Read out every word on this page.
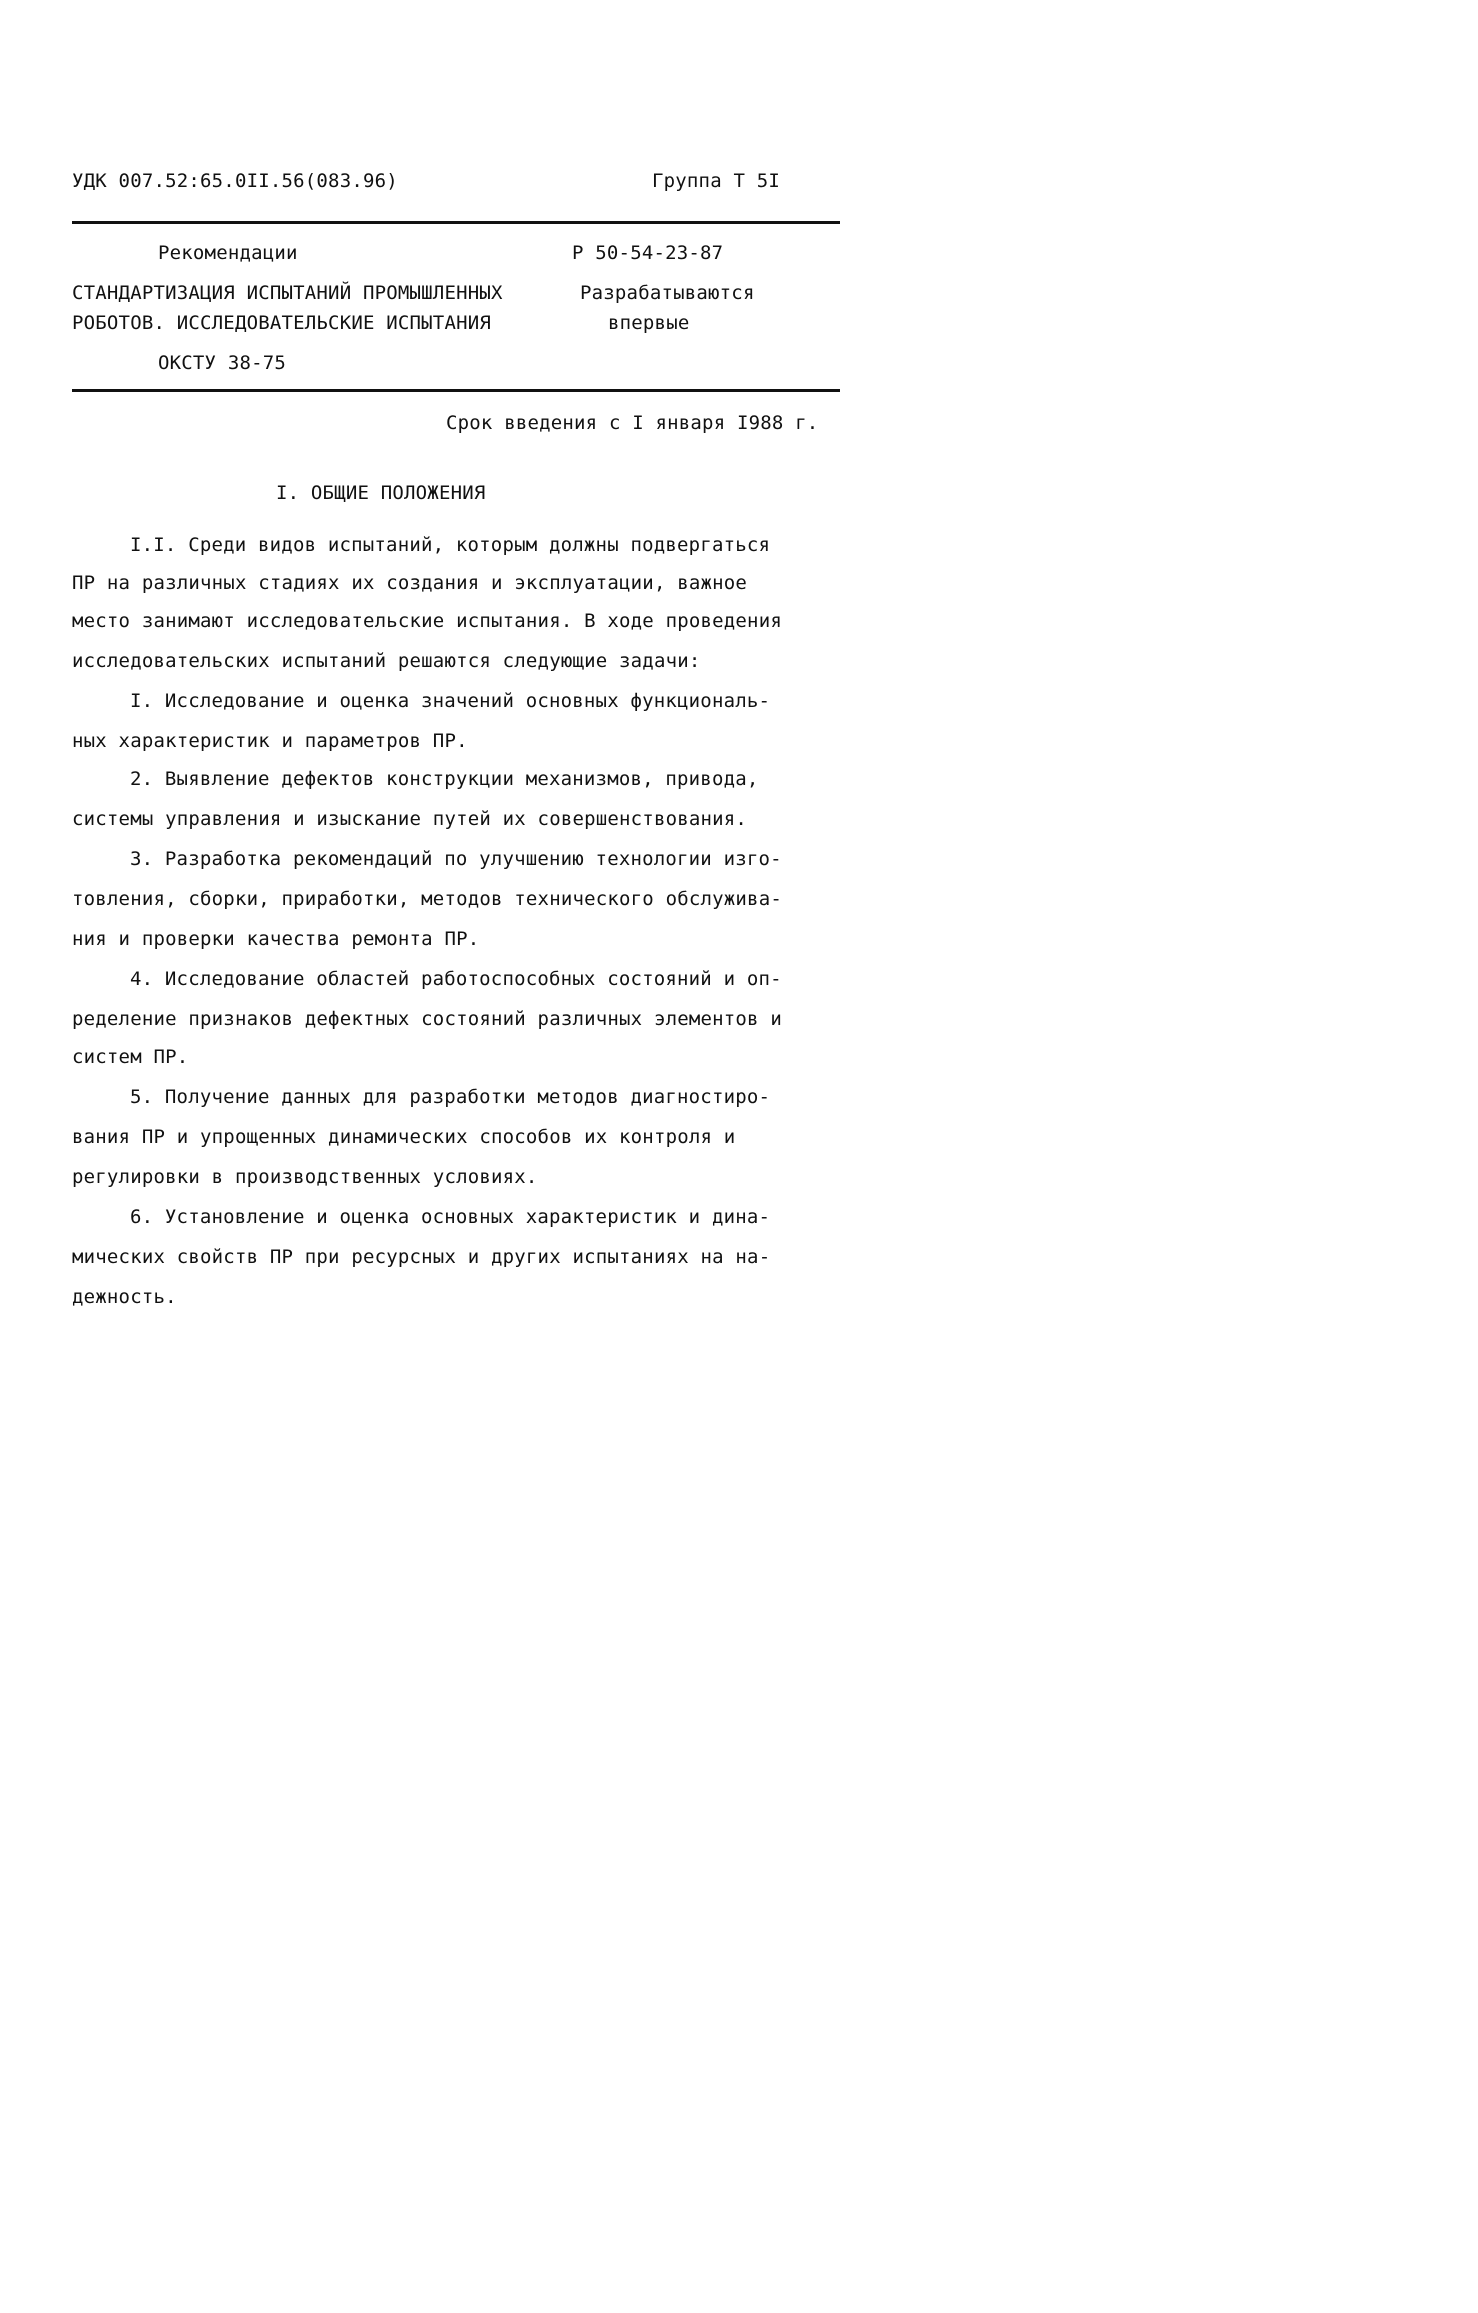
УДК 007.52:65.0II.56(083.96)	Группа Т 5I
Рекомендации	Р 50-54-23-87
СТАНДАРТИЗАЦИЯ ИСПЫТАНИЙ ПРОМЫШЛЕННЫХ
РОБОТОВ. ИССЛЕДОВАТЕЛЬСКИЕ ИСПЫТАНИЯ
Разрабатываются
впервые
ОКСТУ 38-75
Срок введения с I января I988 г.
I. ОБЩИЕ ПОЛОЖЕНИЯ
I.I. Среди видов испытаний, которым должны подвергаться
ПР на различных стадиях их создания и эксплуатации, важное
место занимают исследовательские испытания. В ходе проведения
исследовательских испытаний решаются следующие задачи:
I. Исследование и оценка значений основных функциональ-
ных характеристик и параметров ПР.
2. Выявление дефектов конструкции механизмов, привода,
системы управления и изыскание путей их совершенствования.
3. Разработка рекомендаций по улучшению технологии изго-
товления, сборки, приработки, методов технического обслужива-
ния и проверки качества ремонта ПР.
4. Исследование областей работоспособных состояний и оп-
ределение признаков дефектных состояний различных элементов и
систем ПР.
5. Получение данных для разработки методов диагностиро-
вания ПР и упрощенных динамических способов их контроля и
регулировки в производственных условиях.
6. Установление и оценка основных характеристик и дина-
мических свойств ПР при ресурсных и других испытаниях на на-
дежность.
